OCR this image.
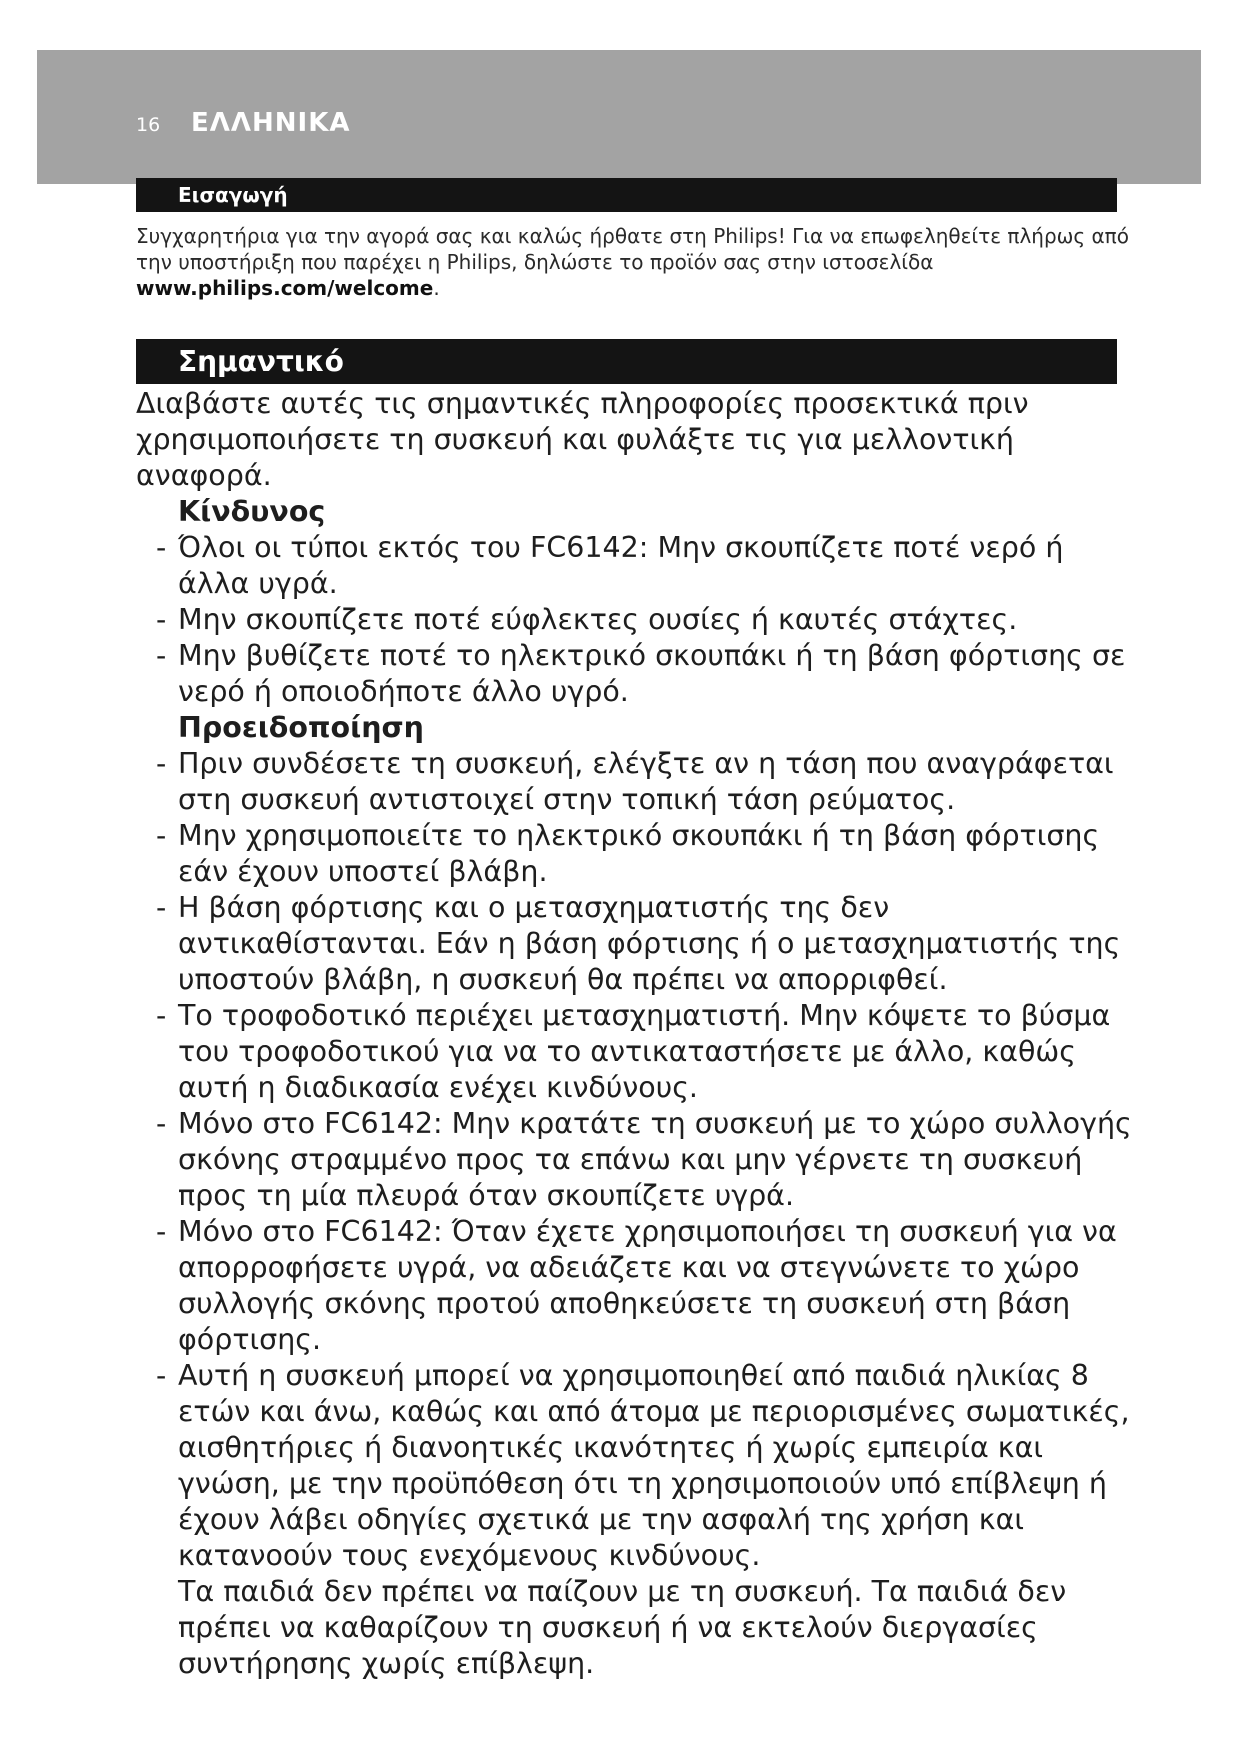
16 ΕΛΛΗΝΙΚΑ
Εισαγωγή
Συγχαρητήρια για την αγορά σας και καλώς ήρθατε στη Philips! Για να επωφεληθείτε πλήρως από την υποστήριξη που παρέχει η Philips, δηλώστε το προϊόν σας στην ιστοσελίδα www.philips.com/welcome.
Σημαντικό

Διαβάστε αυτές τις σημαντικές πληροφορίες προσεκτικά πριν χρησιμοποιήσετε τη συσκευή και φυλάξτε τις για μελλοντική αναφορά.

Κίνδυνος

- Όλοι οι τύποι εκτός του FC6142: Μην σκουπίζετε ποτέ νερό ή άλλα υγρά.

- Μην σκουπίζετε ποτέ εύφλεκτες ουσίες ή καυτές στάχτες.

- Μην βυθίζετε ποτέ το ηλεκτρικό σκουπάκι ή τη βάση φόρτισης σε νερό ή οποιοδήποτε άλλο υγρό.

Προειδοποίηση

- Πριν συνδέσετε τη συσκευή, ελέγξτε αν η τάση που αναγράφεται στη συσκευή αντιστοιχεί στην τοπική τάση ρεύματος.

- Μην χρησιμοποιείτε το ηλεκτρικό σκουπάκι ή τη βάση φόρτισης εάν έχουν υποστεί βλάβη.

- Η βάση φόρτισης και ο μετασχηματιστής της δεν αντικαθίστανται. Εάν η βάση φόρτισης ή ο μετασχηματιστής της υποστούν βλάβη, η συσκευή θα πρέπει να απορριφθεί.

- Το τροφοδοτικό περιέχει μετασχηματιστή. Μην κόψετε το βύσμα του τροφοδοτικού για να το αντικαταστήσετε με άλλο, καθώς αυτή η διαδικασία ενέχει κινδύνους.

- Μόνο στο FC6142: Μην κρατάτε τη συσκευή με το χώρο συλλογής σκόνης στραμμένο προς τα επάνω και μην γέρνετε τη συσκευή προς τη μία πλευρά όταν σκουπίζετε υγρά.

- Μόνο στο FC6142: Όταν έχετε χρησιμοποιήσει τη συσκευή για να απορροφήσετε υγρά, να αδειάζετε και να στεγνώνετε το χώρο συλλογής σκόνης προτού αποθηκεύσετε τη συσκευή στη βάση φόρτισης.

- Αυτή η συσκευή μπορεί να χρησιμοποιηθεί από παιδιά ηλικίας 8 ετών και άνω, καθώς και από άτομα με περιορισμένες σωματικές, αισθητήριες ή διανοητικές ικανότητες ή χωρίς εμπειρία και γνώση, με την προϋπόθεση ότι τη χρησιμοποιούν υπό επίβλεψη ή έχουν λάβει οδηγίες σχετικά με την ασφαλή της χρήση και κατανοούν τους ενεχόμενους κινδύνους.

Τα παιδιά δεν πρέπει να παίζουν με τη συσκευή. Τα παιδιά δεν πρέπει να καθαρίζουν τη συσκευή ή να εκτελούν διεργασίες συντήρησης χωρίς επίβλεψη.
